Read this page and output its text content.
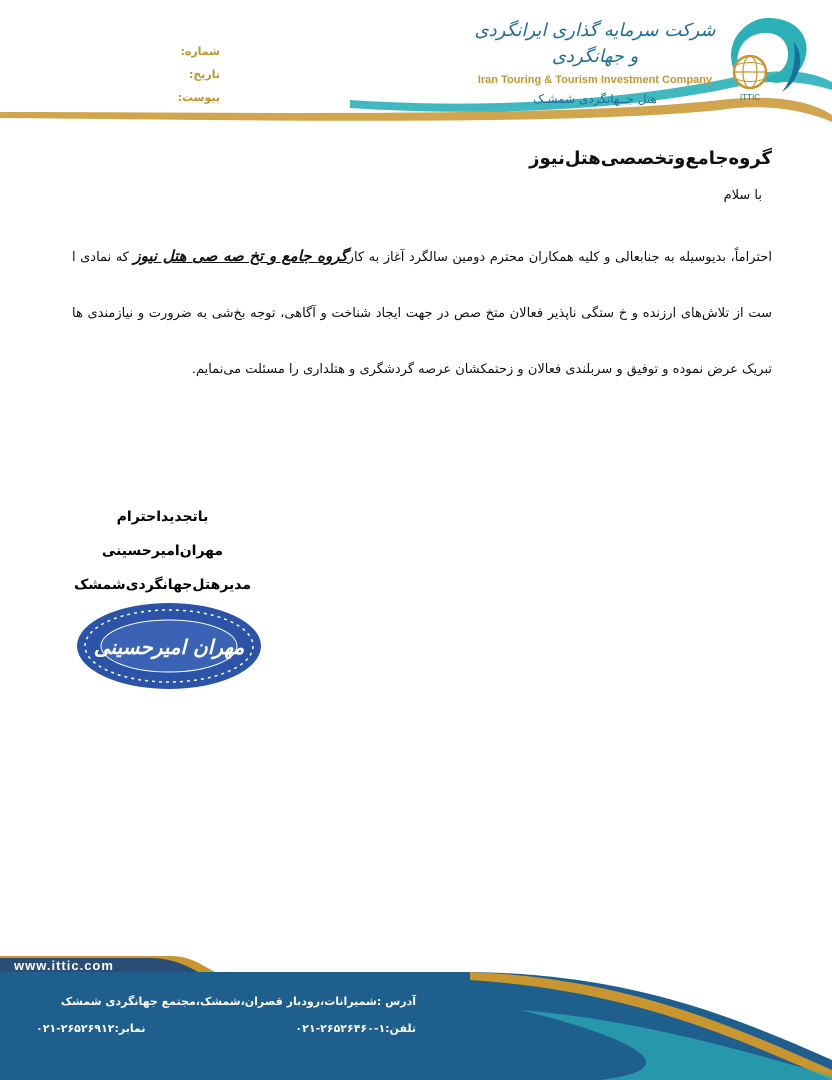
شماره:
تاریخ:
پیوست:
شرکت سرمایه گذاری ایرانگردی و جهانگردی
Iran Touring & Tourism Investment Company
هتل جــهانگردی شمشـک	ITTIC
گروه‌جامع‌وتخصصی‌هتل‌نیوز
با سلام
احتراماً، بدیوسیله به جنابعالی و کلیه همکاران محترم دومین سالگرد آغاز به کارگروه جامع و تخ صه صی هتل نیوز که نمادی ا ست از تلاش‌های ارزنده و خ ستگی ناپذیر فعالان متخ صص در جهت ایجاد شناخت و آگاهی، توجه بخ‌شی به ضرورت و نیازمندی ها تبریک عرض نموده و توفیق و سربلندی فعالان و زحتمکشان عرصه گردشگری و هتلداری را مسئلت می‌نمایم.
باتجدیداحترام
مهران‌امیرحسینی
مدیرهتل‌جهانگردی‌شمشک
مهران امیرحسینی
www.ittic.com
آدرس :شمیرانات،رودبار قصران،شمشک،مجتمع جهانگردی شمشک
تلفن:۱-۲۶۵۲۶۴۶۰-۰۲۱
نمابر:۲۶۵۲۶۹۱۲-۰۲۱
